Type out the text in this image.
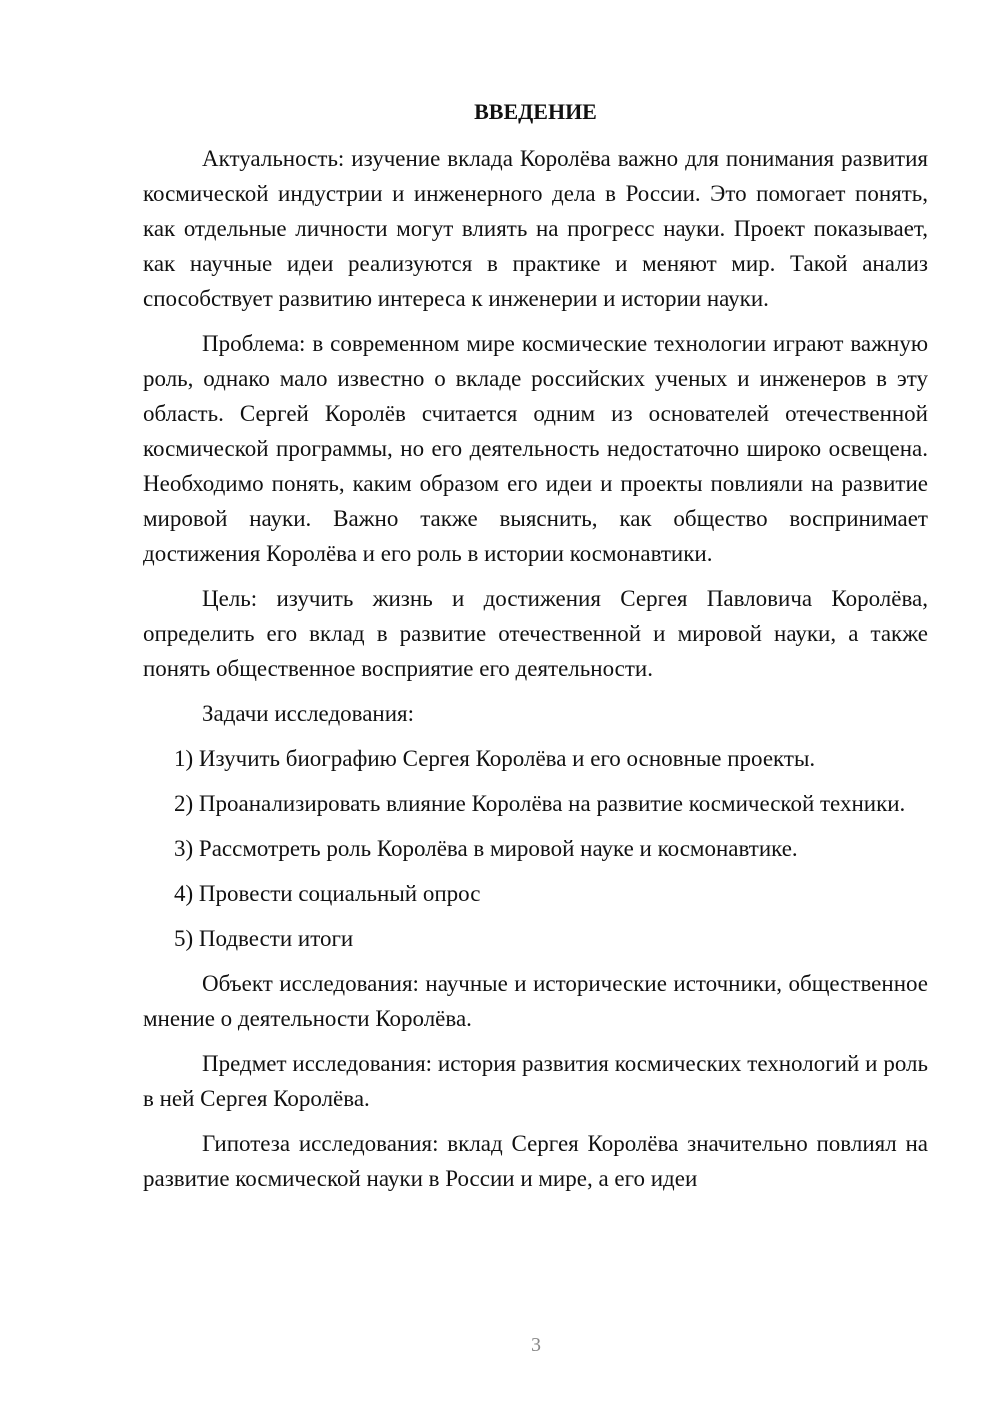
ВВЕДЕНИЕ

Актуальность: изучение вклада Королёва важно для понимания развития космической индустрии и инженерного дела в России. Это помогает понять, как отдельные личности могут влиять на прогресс науки. Проект показывает, как научные идеи реализуются в практике и меняют мир. Такой анализ способствует развитию интереса к инженерии и истории науки.

Проблема: в современном мире космические технологии играют важную роль, однако мало известно о вкладе российских ученых и инженеров в эту область. Сергей Королёв считается одним из основателей отечественной космической программы, но его деятельность недостаточно широко освещена. Необходимо понять, каким образом его идеи и проекты повлияли на развитие мировой науки. Важно также выяснить, как общество воспринимает достижения Королёва и его роль в истории космонавтики.

Цель: изучить жизнь и достижения Сергея Павловича Королёва, определить его вклад в развитие отечественной и мировой науки, а также понять общественное восприятие его деятельности.

Задачи исследования:

1) Изучить биографию Сергея Королёва и его основные проекты.

2) Проанализировать влияние Королёва на развитие космической техники.

3) Рассмотреть роль Королёва в мировой науке и космонавтике.

4) Провести социальный опрос

5) Подвести итоги

Объект исследования: научные и исторические источники, общественное мнение о деятельности Королёва.

Предмет исследования: история развития космических технологий и роль в ней Сергея Королёва.

Гипотеза исследования: вклад Сергея Королёва значительно повлиял на развитие космической науки в России и мире, а его идеи

3
